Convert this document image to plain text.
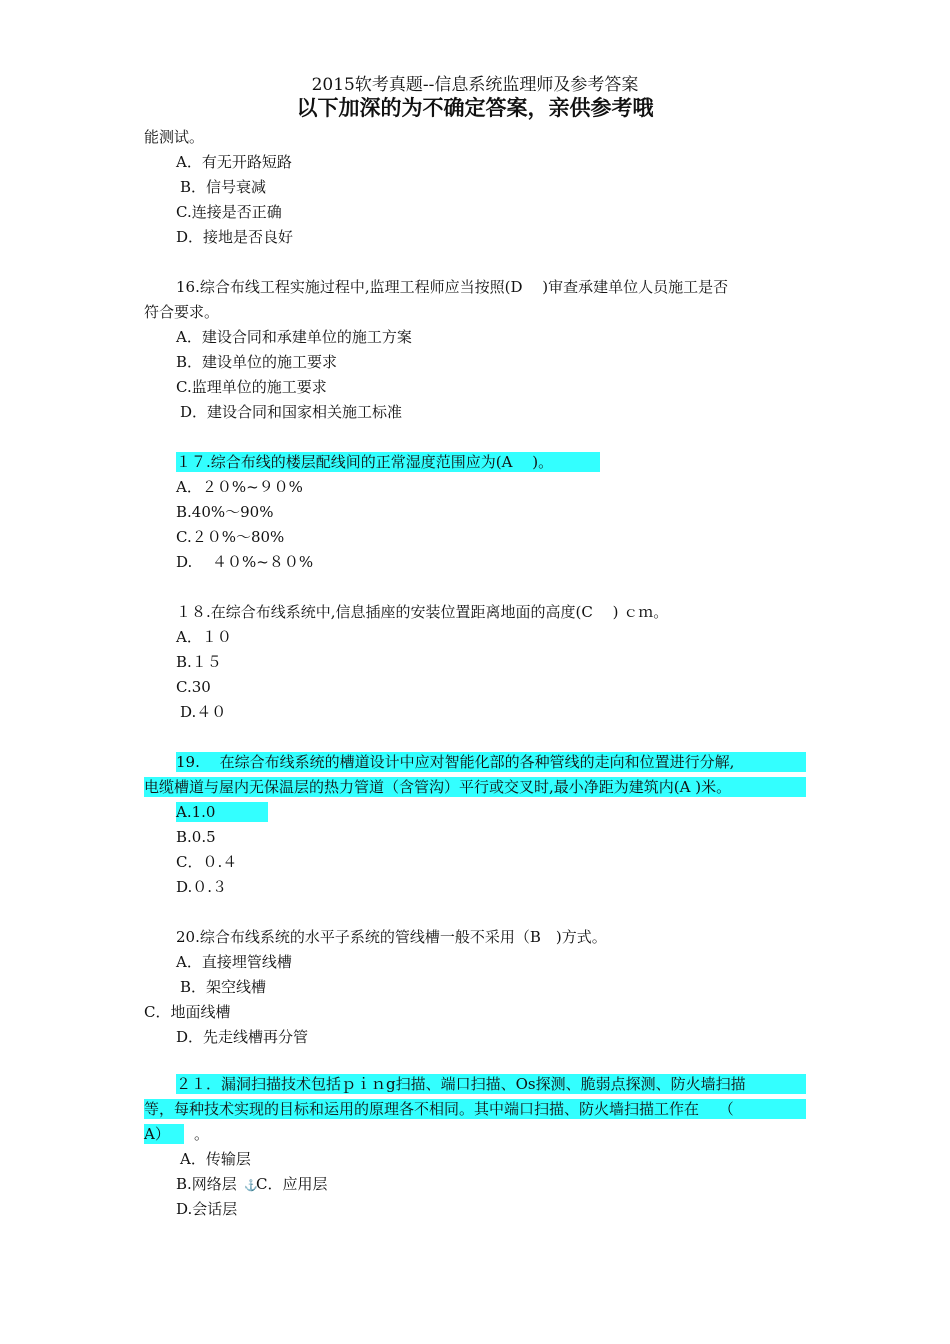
2015软考真题--信息系统监理师及参考答案
以下加深的为不确定答案，亲供参考哦
能测试。
A．有无开路短路
B．信号衰减
C.连接是否正确
D．接地是否良好
16.综合布线工程实施过程中,监理工程师应当按照(D　 )审查承建单位人员施工是否
符合要求。
A．建设合同和承建单位的施工方案
B．建设单位的施工要求
C.监理单位的施工要求
D．建设合同和国家相关施工标准
１７.综合布线的楼层配线间的正常湿度范围应为(A　 )。
A．２０%~９０%
B.40%～90%
C.２０%～80%
D.　 ４０%~８０%
１８.在综合布线系统中,信息插座的安装位置距离地面的高度(C　 ) ｃｍ。
A．１０
B.１５
C.30
D.４０
19.　 在综合布线系统的槽道设计中应对智能化部的各种管线的走向和位置进行分解,
电缆槽道与屋内无保温层的热力管道（含管沟）平行或交叉时,最小净距为建筑内(A )米。
A.1.0
B.0.5
C．０.４
D.０.３
20.综合布线系统的水平子系统的管线槽一般不采用（B　)方式。
A．直接埋管线槽
B．架空线槽
C．地面线槽
D．先走线槽再分管
２１．漏洞扫描技术包括ｐｉｎg扫描、端口扫描、Os探测、脆弱点探测、防火墙扫描
等，每种技术实现的目标和运用的原理各不相同。其中端口扫描、防火墙扫描工作在　 （
A）	。
A．传输层
B.网络层 ⚓
C．应用层
D.会话层
